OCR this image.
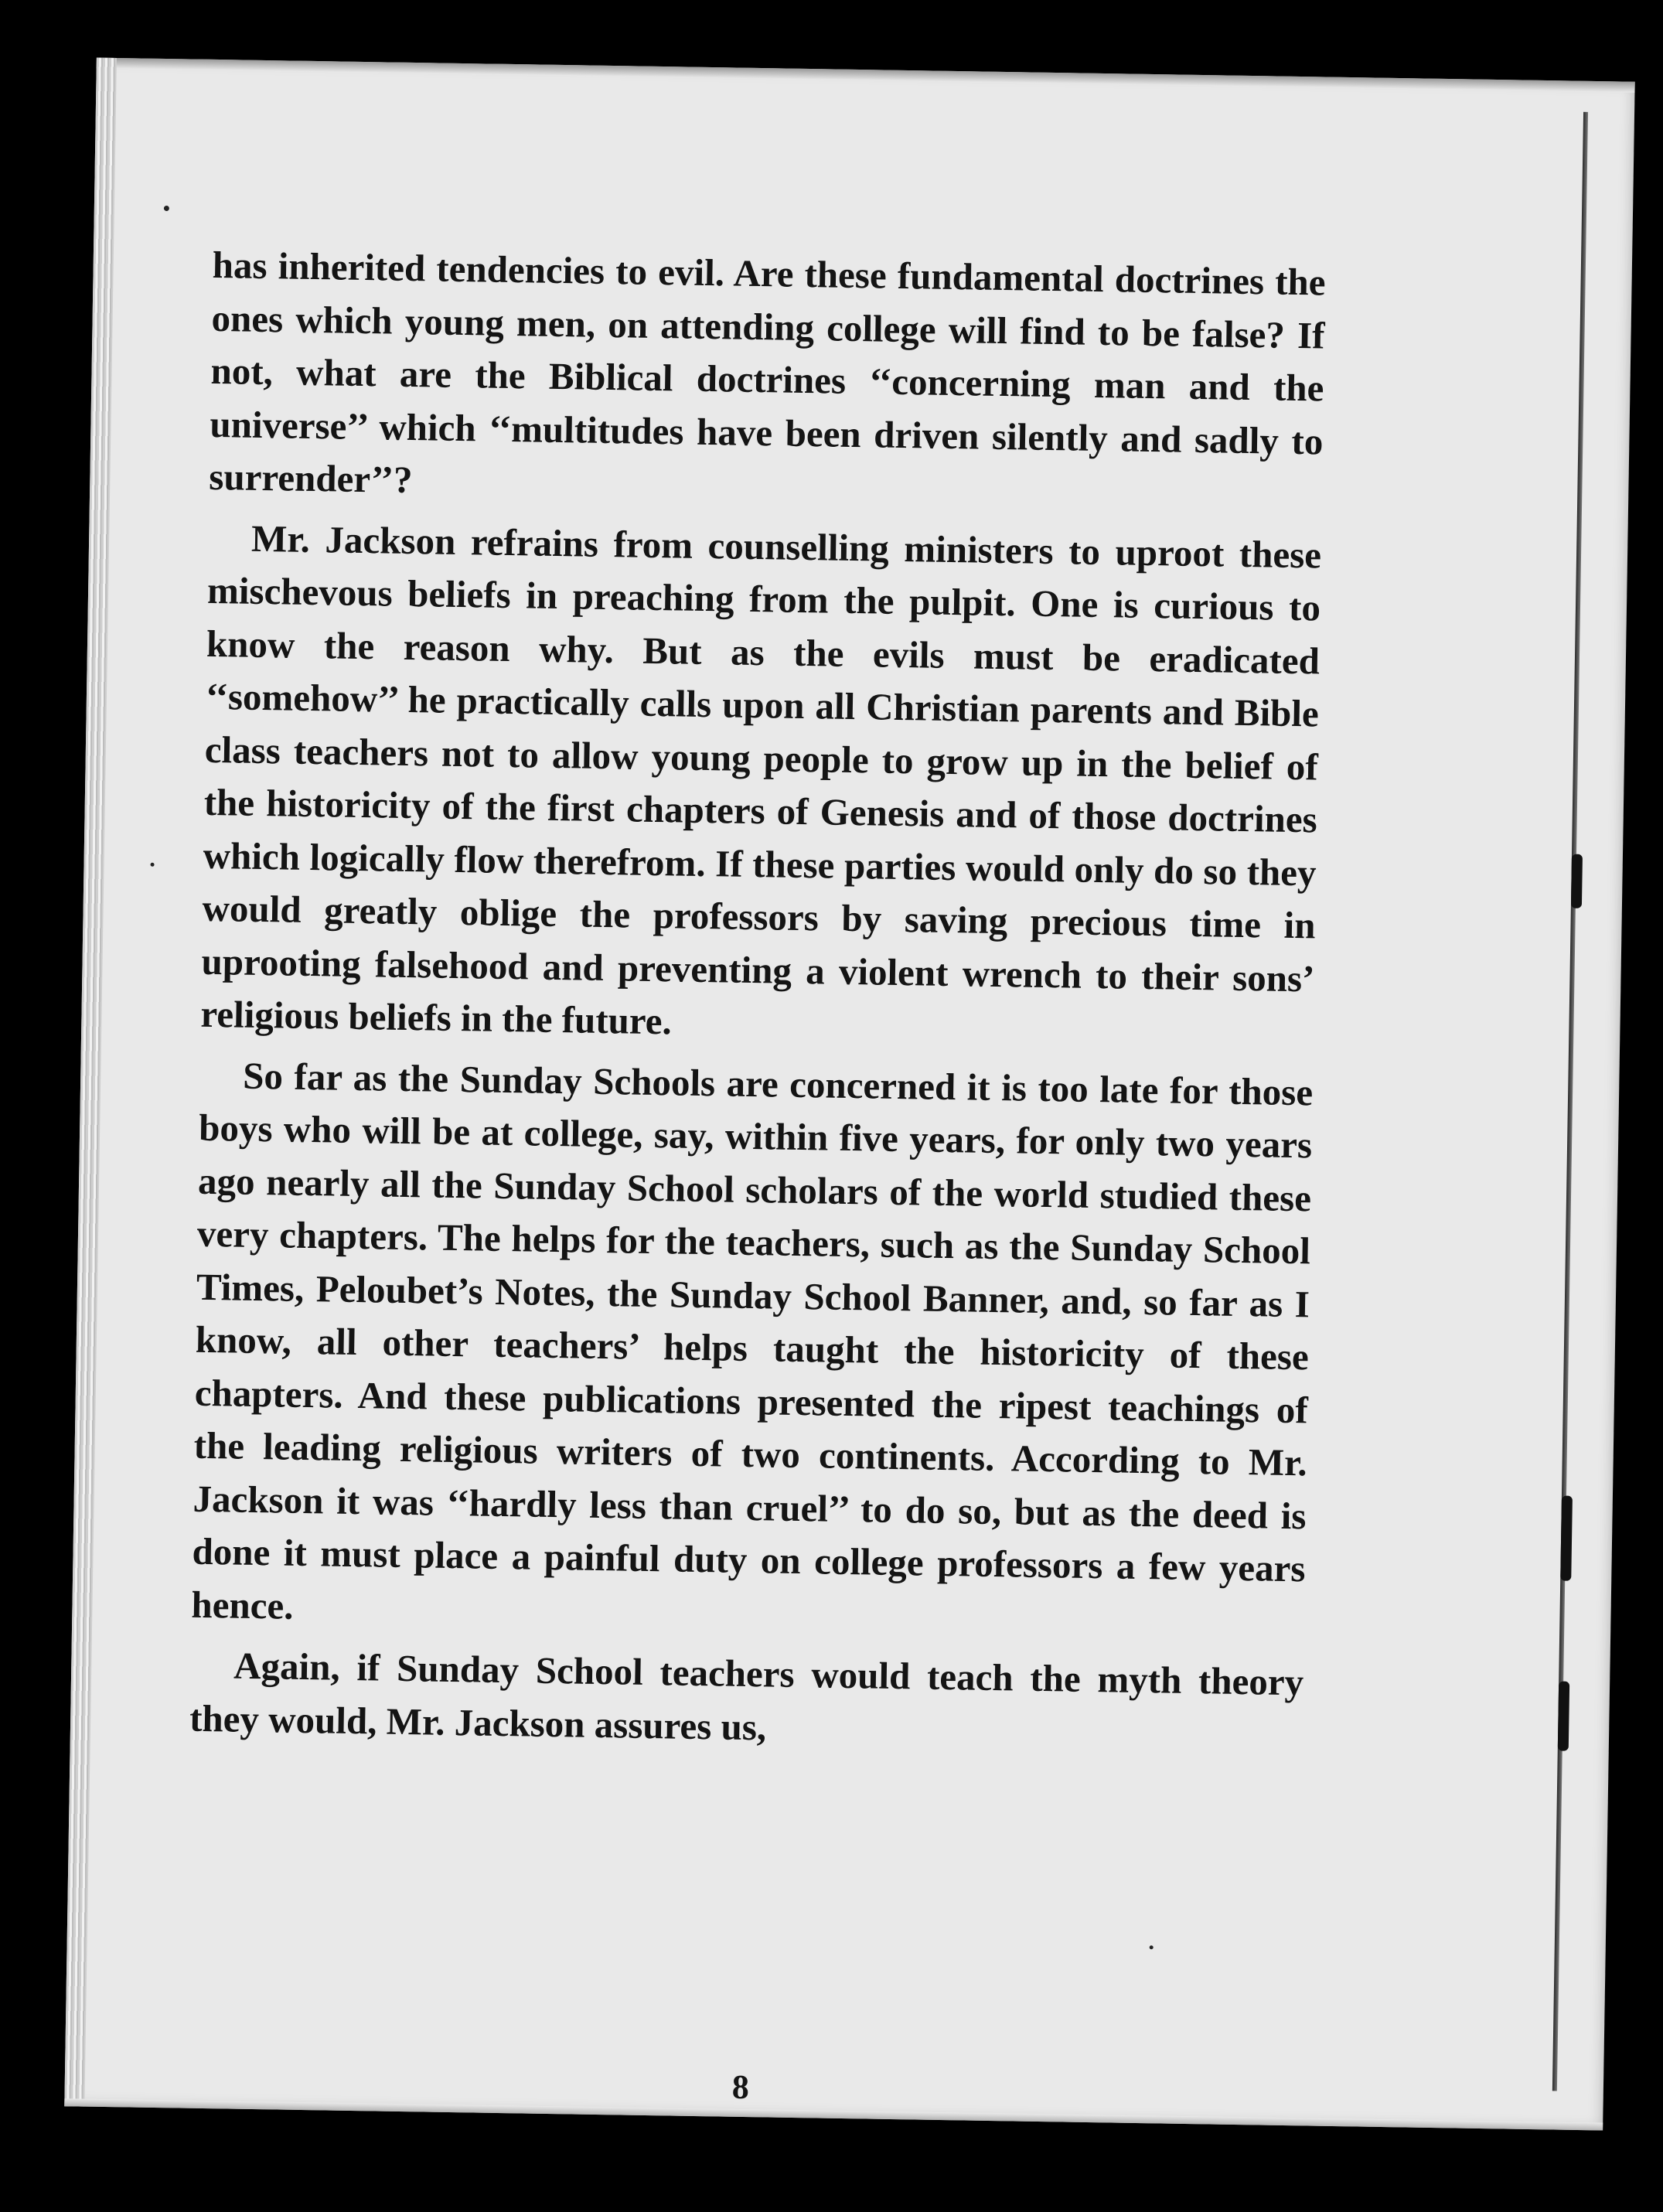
has inherited tendencies to evil. Are these fundamental doctrines the ones which young men, on attending college will find to be false? If not, what are the Biblical doctrines ‘‘concerning man and the universe’’ which ‘‘multitudes have been driven silently and sadly to surrender’’?

Mr. Jackson refrains from counselling ministers to uproot these mischevous beliefs in preaching from the pulpit. One is curious to know the reason why. But as the evils must be eradicated ‘‘somehow’’ he practically calls upon all Christian parents and Bible class teachers not to allow young people to grow up in the belief of the historicity of the first chapters of Genesis and of those doctrines which logically flow therefrom. If these parties would only do so they would greatly oblige the professors by saving precious time in uprooting falsehood and preventing a violent wrench to their sons’ religious beliefs in the future.

So far as the Sunday Schools are concerned it is too late for those boys who will be at college, say, within five years, for only two years ago nearly all the Sunday School scholars of the world studied these very chapters. The helps for the teachers, such as the Sunday School Times, Peloubet’s Notes, the Sunday School Banner, and, so far as I know, all other teachers’ helps taught the historicity of these chapters. And these publications presented the ripest teachings of the leading religious writers of two continents. According to Mr. Jackson it was ‘‘hardly less than cruel’’ to do so, but as the deed is done it must place a painful duty on college professors a few years hence.

Again, if Sunday School teachers would teach the myth theory they would, Mr. Jackson assures us,

8
